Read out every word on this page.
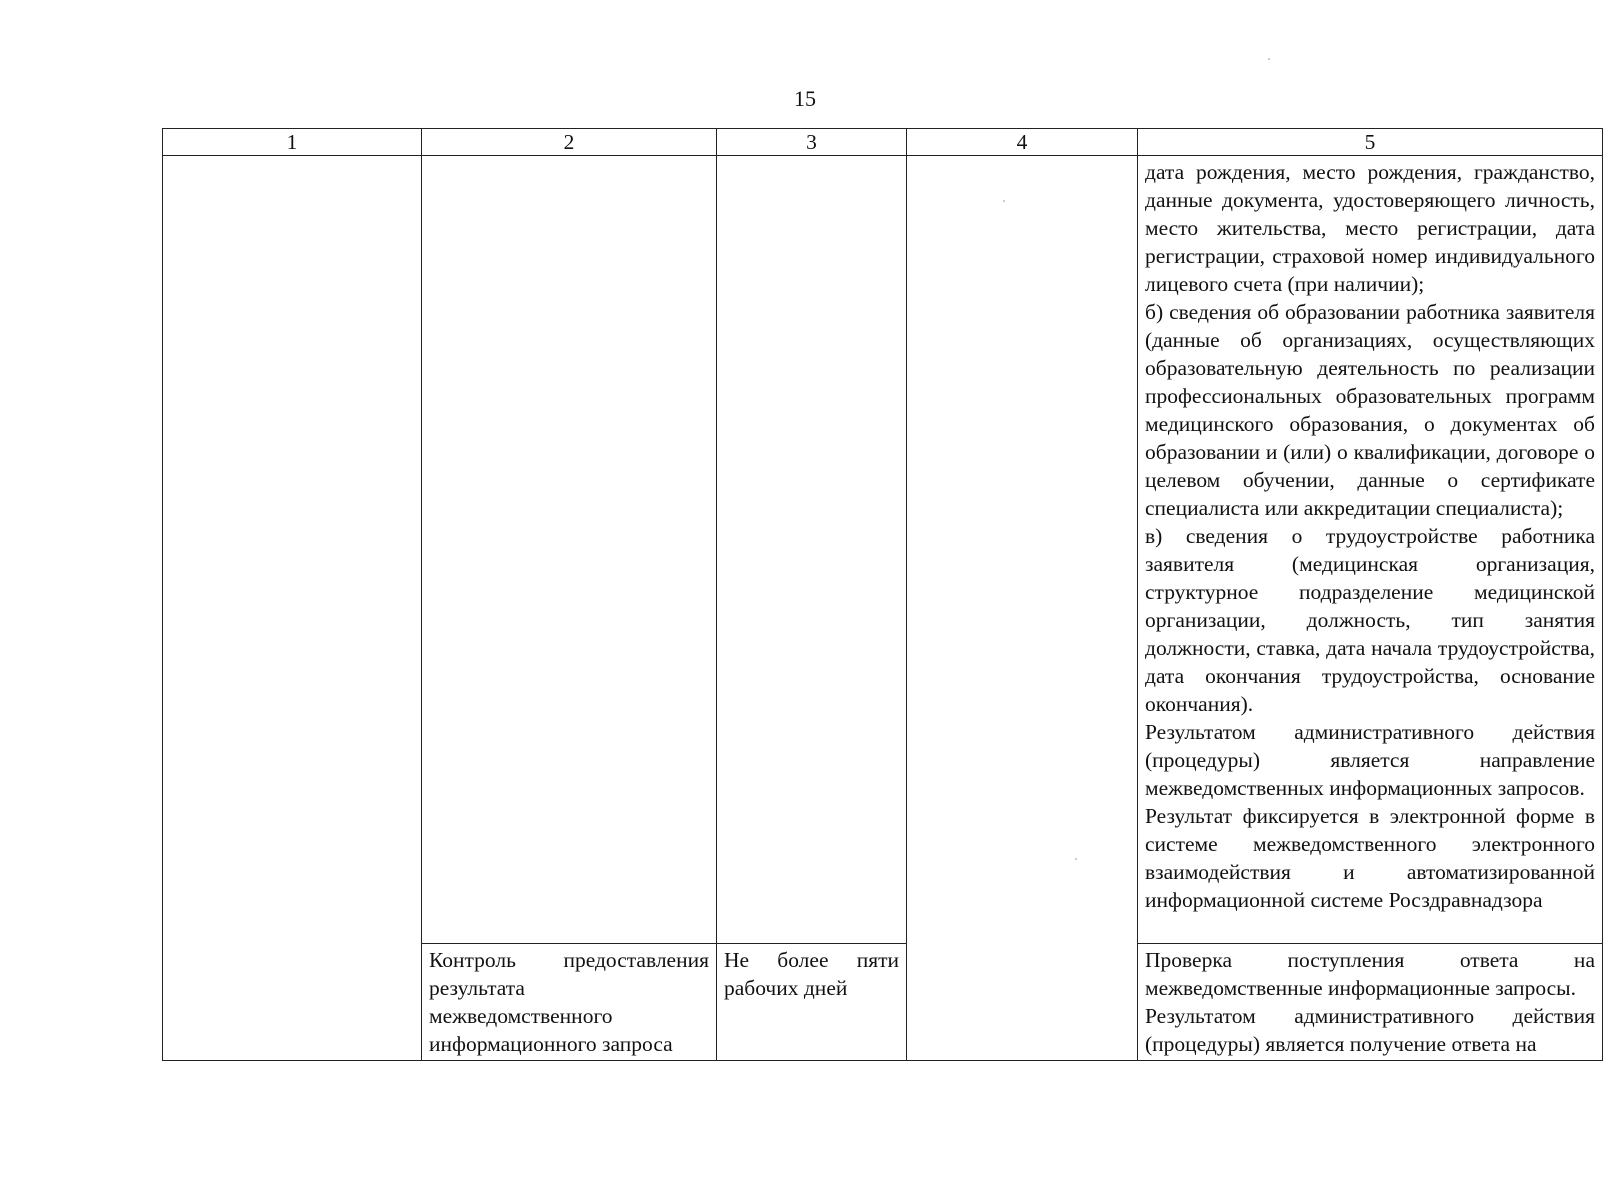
15
1	2	3	4	5

				дата рождения, место рождения, гражданство, данные документа, удостоверяющего личность, место жительства, место регистрации, дата регистрации, страховой номер индивидуального лицевого счета (при наличии);

б) сведения об образовании работника заявителя (данные об организациях, осуществляющих образовательную деятельность по реализации профессиональных образовательных программ медицинского образования, о документах об образовании и (или) о квалификации, договоре о целевом обучении, данные о сертификате специалиста или аккредитации специалиста);

в) сведения о трудоустройстве работника заявителя (медицинская организация, структурное подразделение медицинской организации, должность, тип занятия должности, ставка, дата начала трудоустройства, дата окончания трудоустройства, основание окончания).

Результатом административного действия (процедуры) является направление межведомственных информационных запросов.

Результат фиксируется в электронной форме в системе межведомственного электронного взаимодействия и автоматизированной информационной системе Росздравнадзора

	Контроль предоставления результата межведомственного информационного запроса	Не более пяти рабочих дней		Проверка поступления ответа на межведомственные информационные запросы.

Результатом административного действия (процедуры) является получение ответа на
